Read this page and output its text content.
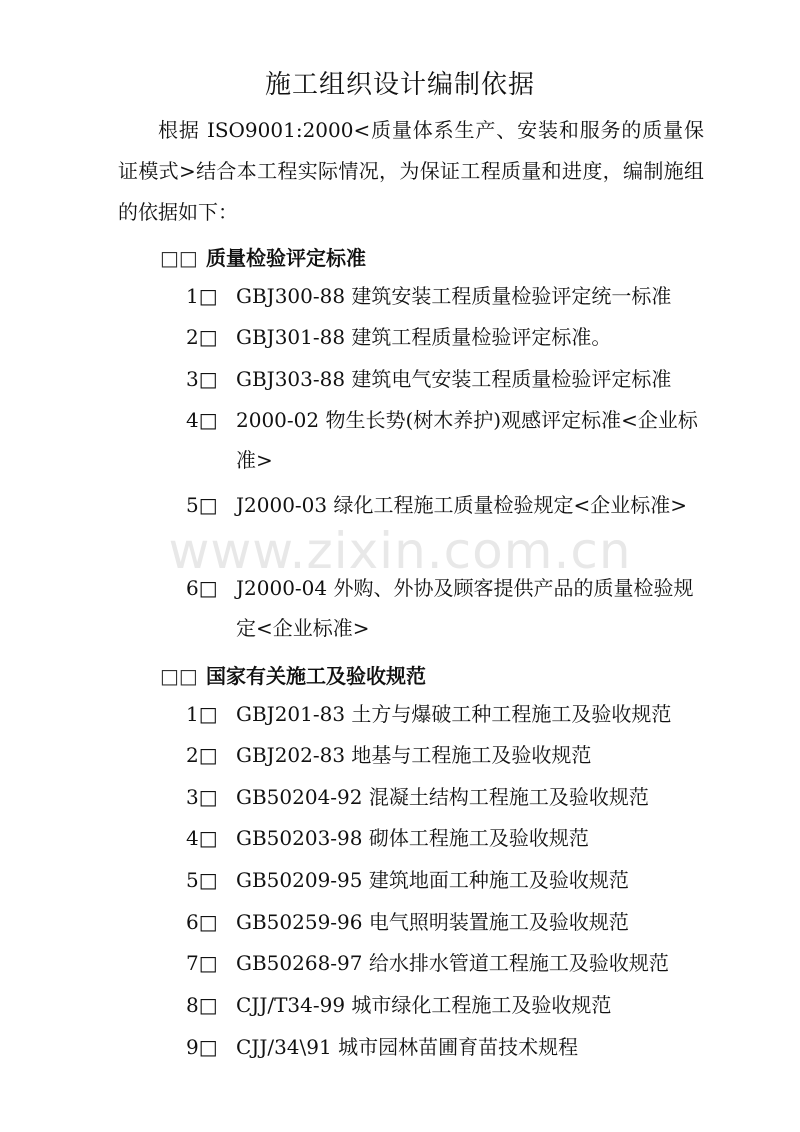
施工组织设计编制依据
根据 ISO9001:2000<质量体系生产、安装和服务的质量保证模式>结合本工程实际情况，为保证工程质量和进度，编制施组的依据如下：
□□ 质量检验评定标准
1□ GBJ300-88 建筑安装工程质量检验评定统一标准
2□ GBJ301-88 建筑工程质量检验评定标准。
3□ GBJ303-88 建筑电气安装工程质量检验评定标准
4□ 2000-02 物生长势(树木养护)观感评定标准<企业标准>
5□ J2000-03 绿化工程施工质量检验规定<企业标准>
6□ J2000-04 外购、外协及顾客提供产品的质量检验规定<企业标准>
□□ 国家有关施工及验收规范
1□ GBJ201-83 土方与爆破工种工程施工及验收规范
2□ GBJ202-83 地基与工程施工及验收规范
3□ GB50204-92 混凝土结构工程施工及验收规范
4□ GB50203-98 砌体工程施工及验收规范
5□ GB50209-95 建筑地面工种施工及验收规范
6□ GB50259-96 电气照明装置施工及验收规范
7□ GB50268-97 给水排水管道工程施工及验收规范
8□ CJJ/T34-99 城市绿化工程施工及验收规范
9□ CJJ/34\91 城市园林苗圃育苗技术规程
www.zixin.com.cn
